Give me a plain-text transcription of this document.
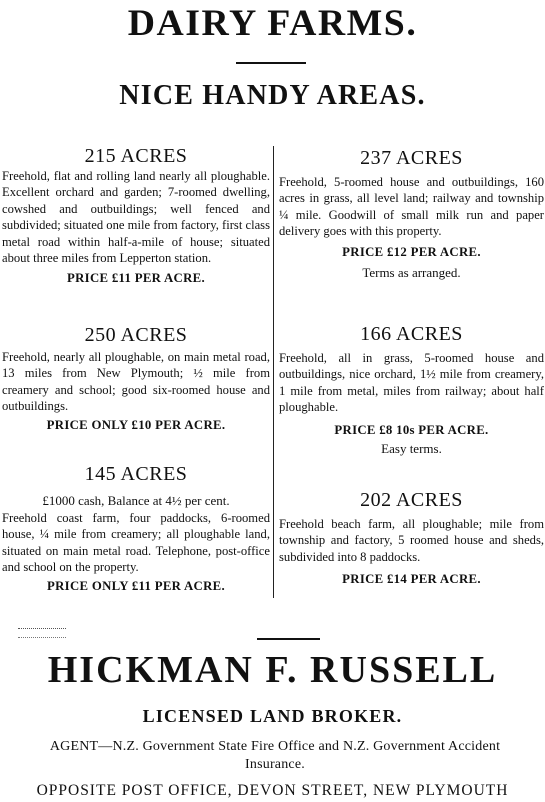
DAIRY FARMS.
NICE HANDY AREAS.

215 ACRES

Freehold, flat and rolling land nearly all ploughable. Excellent orchard and garden; 7-roomed dwelling, cowshed and outbuildings; well fenced and subdivided; situated one mile from factory, first class metal road within half-a-mile of house; situated about three miles from Lepperton station.

PRICE £11 PER ACRE.

250 ACRES

Freehold, nearly all ploughable, on main metal road, 13 miles from New Plymouth; ½ mile from creamery and school; good six-roomed house and outbuildings.

PRICE ONLY £10 PER ACRE.

145 ACRES

£1000 cash, Balance at 4½ per cent.

Freehold coast farm, four paddocks, 6-roomed house, ¼ mile from creamery; all ploughable land, situated on main metal road. Telephone, post-office and school on the property.

PRICE ONLY £11 PER ACRE.

237 ACRES

Freehold, 5-roomed house and outbuildings, 160 acres in grass, all level land; railway and township ¼ mile. Goodwill of small milk run and paper delivery goes with this property.

PRICE £12 PER ACRE.

Terms as arranged.

166 ACRES

Freehold, all in grass, 5-roomed house and outbuildings, nice orchard, 1½ mile from creamery, 1 mile from metal, miles from railway; about half ploughable.

PRICE £8 10s PER ACRE.

Easy terms.

202 ACRES

Freehold beach farm, all ploughable; mile from township and factory, 5 roomed house and sheds, subdivided into 8 paddocks.

PRICE £14 PER ACRE.

HICKMAN F. RUSSELL
LICENSED LAND BROKER.
AGENT—N.Z. Government State Fire Office and N.Z. Government Accident Insurance.
OPPOSITE POST OFFICE, DEVON STREET, NEW PLYMOUTH
